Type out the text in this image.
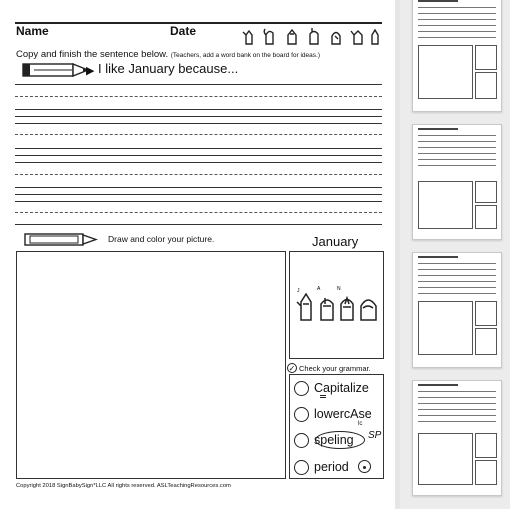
Name	Date
Copy and finish the sentence below. (Teachers, add a word bank on the board for ideas.)
▶ I like January because...
Draw and color your picture.	January
J	A	N
✓ Check your grammar.
Capitalize
lowercAse
lc
speling SP
period
Copyright 2018 SignBabySign*LLC All rights reserved. ASLTeachingResources.com
